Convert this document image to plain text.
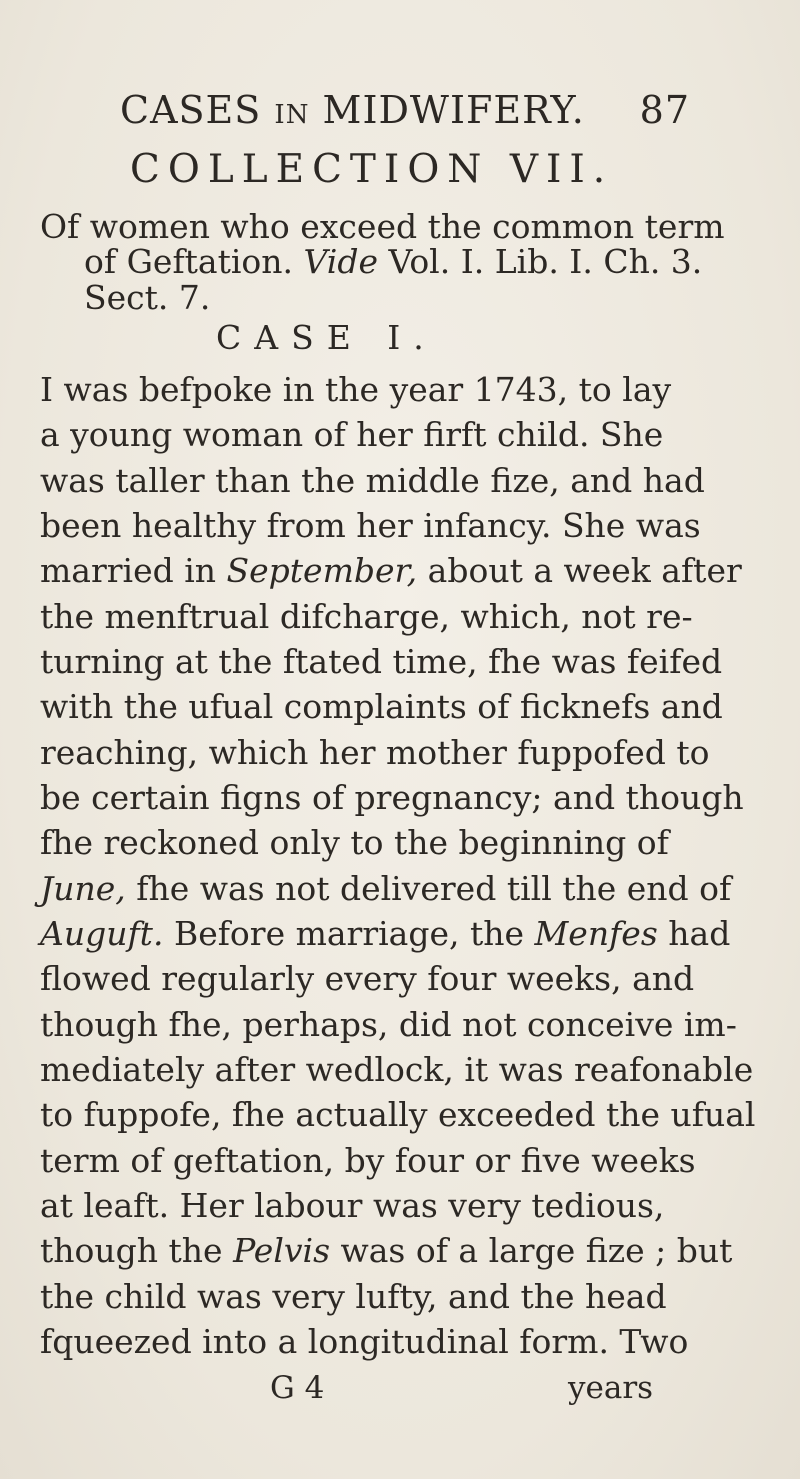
CASES IN MIDWIFERY. 87
COLLECTION VII.
Of women who exceed the common term
of Geftation. Vide Vol. I. Lib. I. Ch. 3.
Sect. 7.
CASE I.
I was befpoke in the year 1743, to lay
a young woman of her firft child. She
was taller than the middle fize, and had
been healthy from her infancy. She was
married in September, about a week after
the menftrual difcharge, which, not re-
turning at the ftated time, fhe was feifed
with the ufual complaints of ficknefs and
reaching, which her mother fuppofed to
be certain figns of pregnancy; and though
fhe reckoned only to the beginning of
June, fhe was not delivered till the end of
Auguft. Before marriage, the Menfes had
flowed regularly every four weeks, and
though fhe, perhaps, did not conceive im-
mediately after wedlock, it was reafonable
to fuppofe, fhe actually exceeded the ufual
term of geftation, by four or five weeks
at leaft. Her labour was very tedious,
though the Pelvis was of a large fize ; but
the child was very lufty, and the head
fqueezed into a longitudinal form. Two
G 4	years
